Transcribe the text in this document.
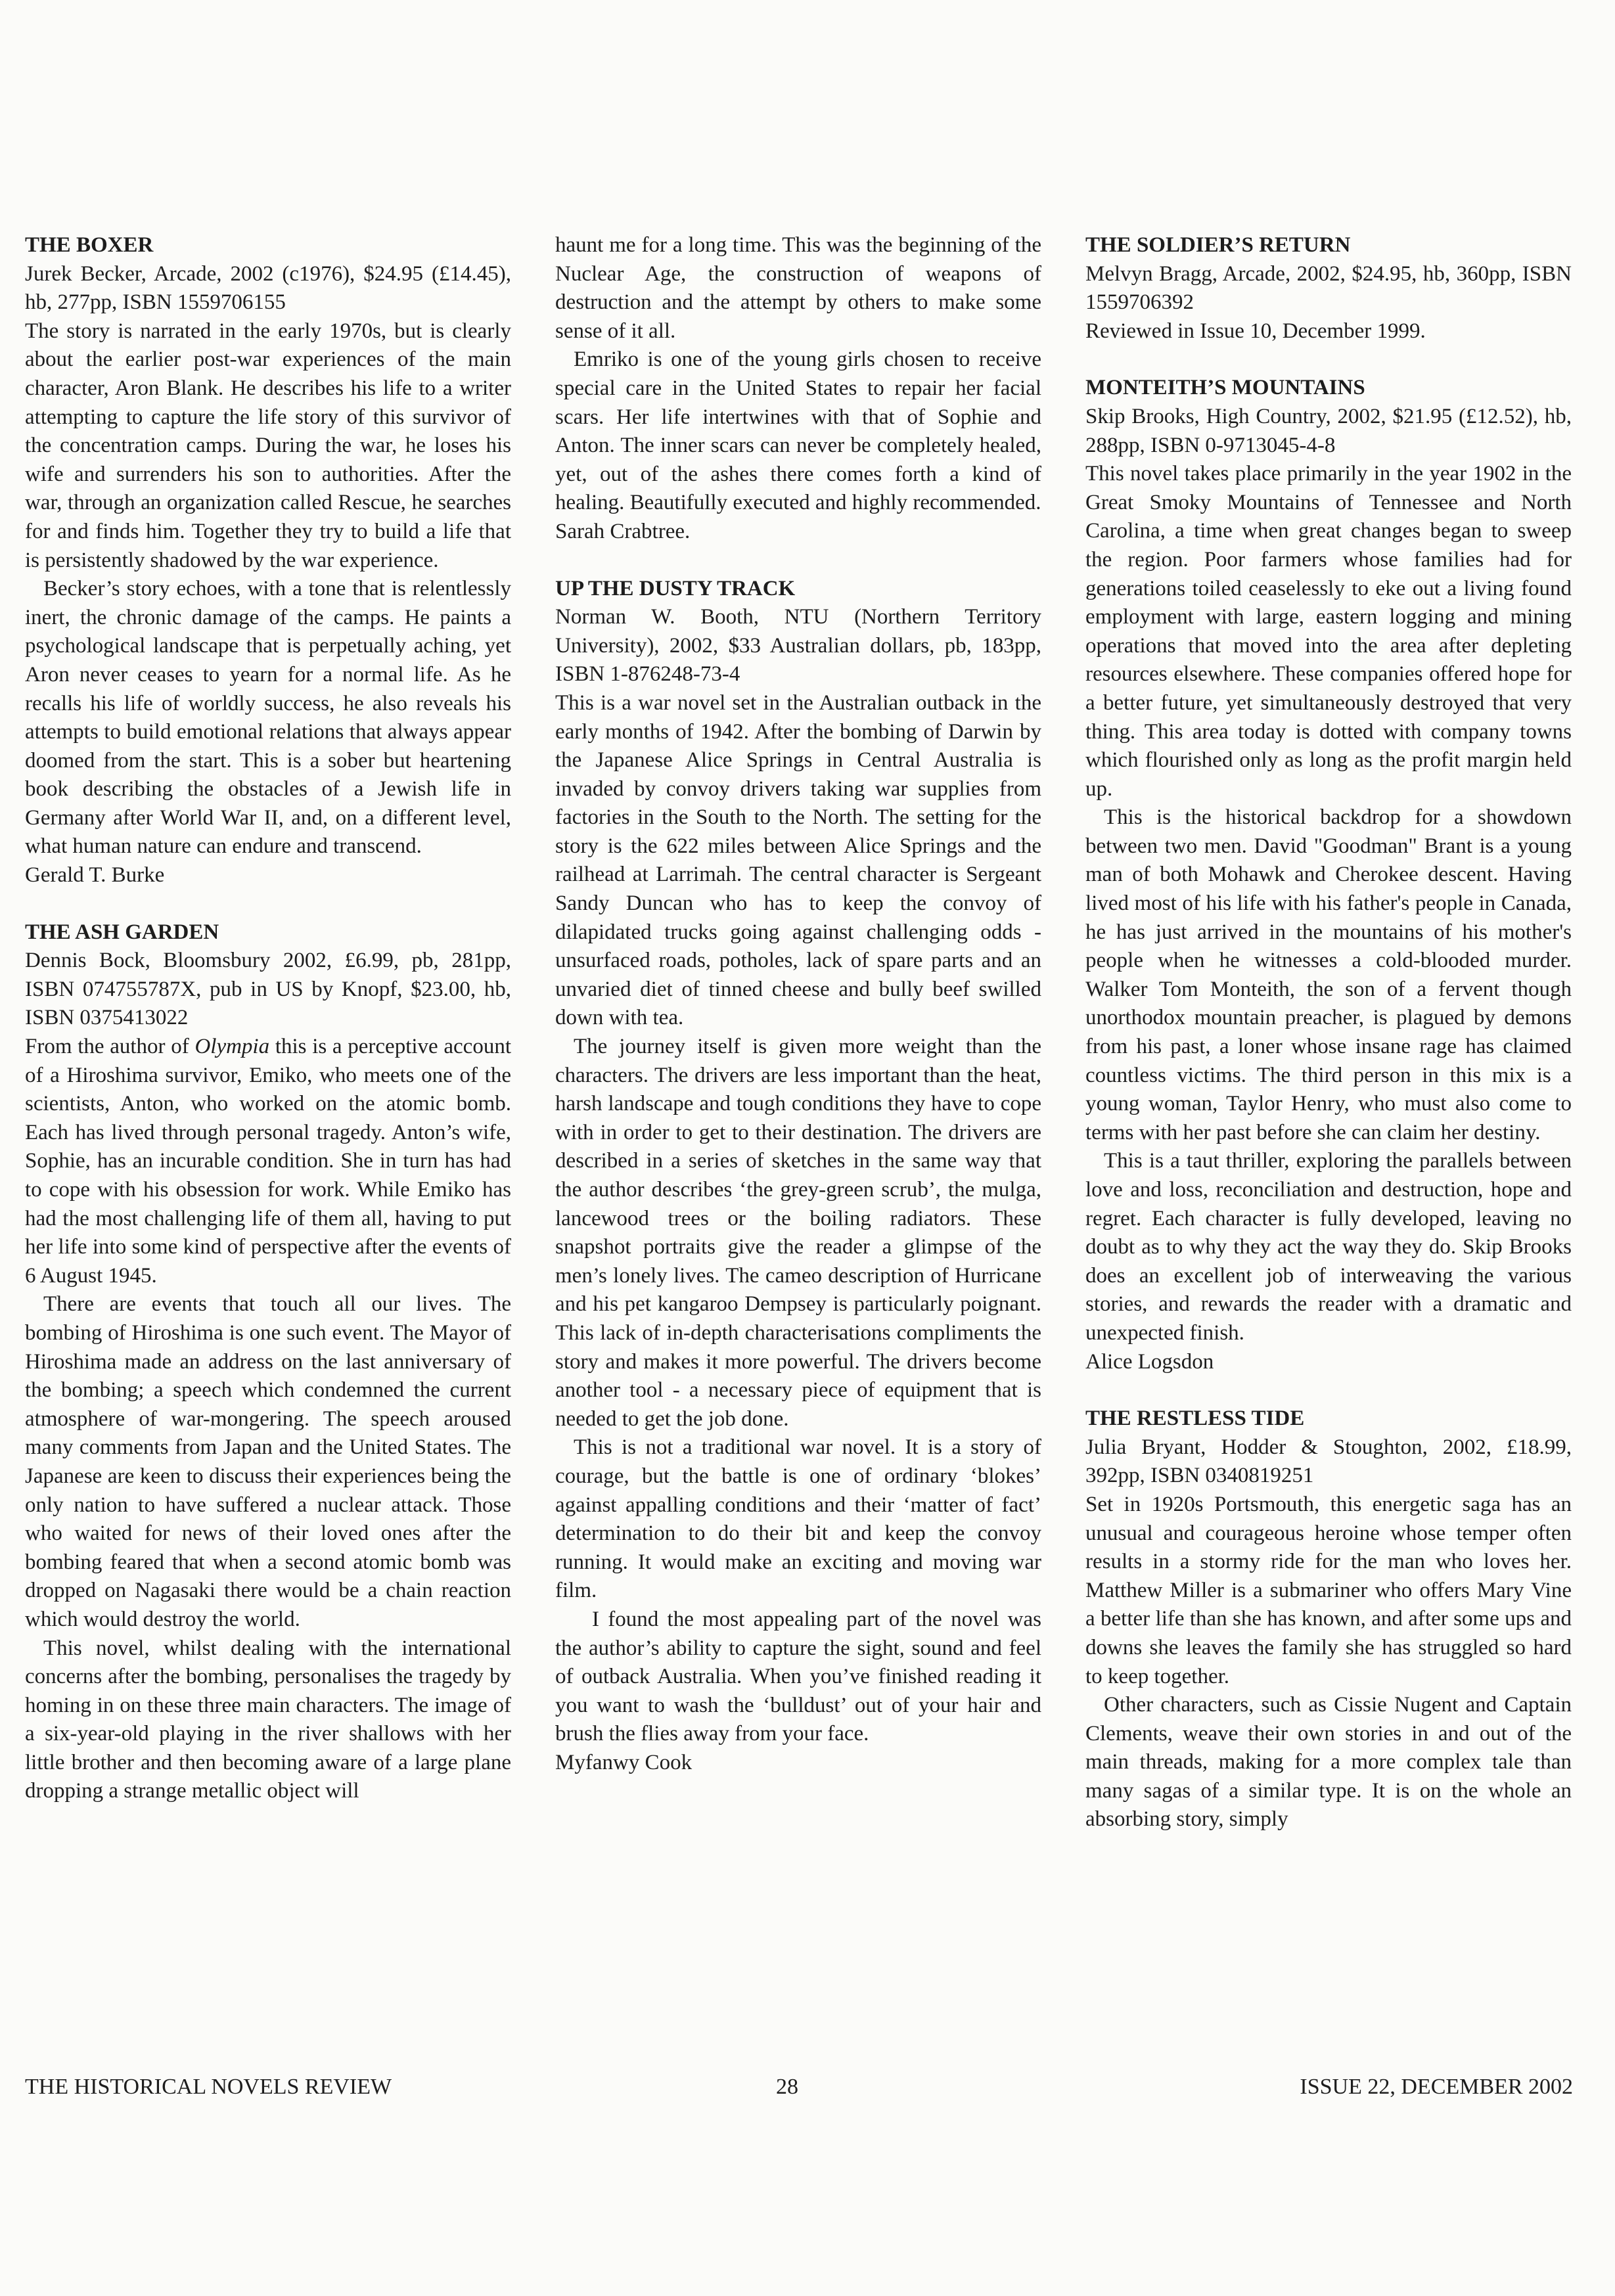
THE BOXER

Jurek Becker, Arcade, 2002 (c1976), $24.95 (£14.45), hb, 277pp, ISBN 1559706155

The story is narrated in the early 1970s, but is clearly about the earlier post-war experiences of the main character, Aron Blank. He describes his life to a writer attempting to capture the life story of this survivor of the concentration camps. During the war, he loses his wife and surrenders his son to authorities. After the war, through an organization called Rescue, he searches for and finds him. Together they try to build a life that is persistently shadowed by the war experience.

Becker’s story echoes, with a tone that is relentlessly inert, the chronic damage of the camps. He paints a psychological landscape that is perpetually aching, yet Aron never ceases to yearn for a normal life. As he recalls his life of worldly success, he also reveals his attempts to build emotional relations that always appear doomed from the start. This is a sober but heartening book describing the obstacles of a Jewish life in Germany after World War II, and, on a different level, what human nature can endure and transcend.

Gerald T. Burke

THE ASH GARDEN

Dennis Bock, Bloomsbury 2002, £6.99, pb, 281pp, ISBN 074755787X, pub in US by Knopf, $23.00, hb, ISBN 0375413022

From the author of Olympia this is a perceptive account of a Hiroshima survivor, Emiko, who meets one of the scientists, Anton, who worked on the atomic bomb. Each has lived through personal tragedy. Anton’s wife, Sophie, has an incurable condition. She in turn has had to cope with his obsession for work. While Emiko has had the most challenging life of them all, having to put her life into some kind of perspective after the events of 6 August 1945.

There are events that touch all our lives. The bombing of Hiroshima is one such event. The Mayor of Hiroshima made an address on the last anniversary of the bombing; a speech which condemned the current atmosphere of war-mongering. The speech aroused many comments from Japan and the United States. The Japanese are keen to discuss their experiences being the only nation to have suffered a nuclear attack. Those who waited for news of their loved ones after the bombing feared that when a second atomic bomb was dropped on Nagasaki there would be a chain reaction which would destroy the world.

This novel, whilst dealing with the international concerns after the bombing, personalises the tragedy by homing in on these three main characters. The image of a six-year-old playing in the river shallows with her little brother and then becoming aware of a large plane dropping a strange metallic object will

haunt me for a long time. This was the beginning of the Nuclear Age, the construction of weapons of destruction and the attempt by others to make some sense of it all.

Emriko is one of the young girls chosen to receive special care in the United States to repair her facial scars. Her life intertwines with that of Sophie and Anton. The inner scars can never be completely healed, yet, out of the ashes there comes forth a kind of healing. Beautifully executed and highly recommended.

Sarah Crabtree.

UP THE DUSTY TRACK

Norman W. Booth, NTU (Northern Territory University), 2002, $33 Australian dollars, pb, 183pp, ISBN 1-876248-73-4

This is a war novel set in the Australian outback in the early months of 1942. After the bombing of Darwin by the Japanese Alice Springs in Central Australia is invaded by convoy drivers taking war supplies from factories in the South to the North. The setting for the story is the 622 miles between Alice Springs and the railhead at Larrimah. The central character is Sergeant Sandy Duncan who has to keep the convoy of dilapidated trucks going against challenging odds - unsurfaced roads, potholes, lack of spare parts and an unvaried diet of tinned cheese and bully beef swilled down with tea.

The journey itself is given more weight than the characters. The drivers are less important than the heat, harsh landscape and tough conditions they have to cope with in order to get to their destination. The drivers are described in a series of sketches in the same way that the author describes ‘the grey-green scrub’, the mulga, lancewood trees or the boiling radiators. These snapshot portraits give the reader a glimpse of the men’s lonely lives. The cameo description of Hurricane and his pet kangaroo Dempsey is particularly poignant. This lack of in-depth characterisations compliments the story and makes it more powerful. The drivers become another tool - a necessary piece of equipment that is needed to get the job done.

This is not a traditional war novel. It is a story of courage, but the battle is one of ordinary ‘blokes’ against appalling conditions and their ‘matter of fact’ determination to do their bit and keep the convoy running. It would make an exciting and moving war film.

I found the most appealing part of the novel was the author’s ability to capture the sight, sound and feel of outback Australia. When you’ve finished reading it you want to wash the ‘bulldust’ out of your hair and brush the flies away from your face.

Myfanwy Cook

THE SOLDIER’S RETURN

Melvyn Bragg, Arcade, 2002, $24.95, hb, 360pp, ISBN 1559706392

Reviewed in Issue 10, December 1999.

MONTEITH’S MOUNTAINS

Skip Brooks, High Country, 2002, $21.95 (£12.52), hb, 288pp, ISBN 0-9713045-4-8

This novel takes place primarily in the year 1902 in the Great Smoky Mountains of Tennessee and North Carolina, a time when great changes began to sweep the region. Poor farmers whose families had for generations toiled ceaselessly to eke out a living found employment with large, eastern logging and mining operations that moved into the area after depleting resources elsewhere. These companies offered hope for a better future, yet simultaneously destroyed that very thing. This area today is dotted with company towns which flourished only as long as the profit margin held up.

This is the historical backdrop for a showdown between two men. David "Goodman" Brant is a young man of both Mohawk and Cherokee descent. Having lived most of his life with his father's people in Canada, he has just arrived in the mountains of his mother's people when he witnesses a cold-blooded murder. Walker Tom Monteith, the son of a fervent though unorthodox mountain preacher, is plagued by demons from his past, a loner whose insane rage has claimed countless victims. The third person in this mix is a young woman, Taylor Henry, who must also come to terms with her past before she can claim her destiny.

This is a taut thriller, exploring the parallels between love and loss, reconciliation and destruction, hope and regret. Each character is fully developed, leaving no doubt as to why they act the way they do. Skip Brooks does an excellent job of interweaving the various stories, and rewards the reader with a dramatic and unexpected finish.

Alice Logsdon

THE RESTLESS TIDE

Julia Bryant, Hodder & Stoughton, 2002, £18.99, 392pp, ISBN 0340819251

Set in 1920s Portsmouth, this energetic saga has an unusual and courageous heroine whose temper often results in a stormy ride for the man who loves her. Matthew Miller is a submariner who offers Mary Vine a better life than she has known, and after some ups and downs she leaves the family she has struggled so hard to keep together.

Other characters, such as Cissie Nugent and Captain Clements, weave their own stories in and out of the main threads, making for a more complex tale than many sagas of a similar type. It is on the whole an absorbing story, simply

THE HISTORICAL NOVELS REVIEW	28	ISSUE 22, DECEMBER 2002
